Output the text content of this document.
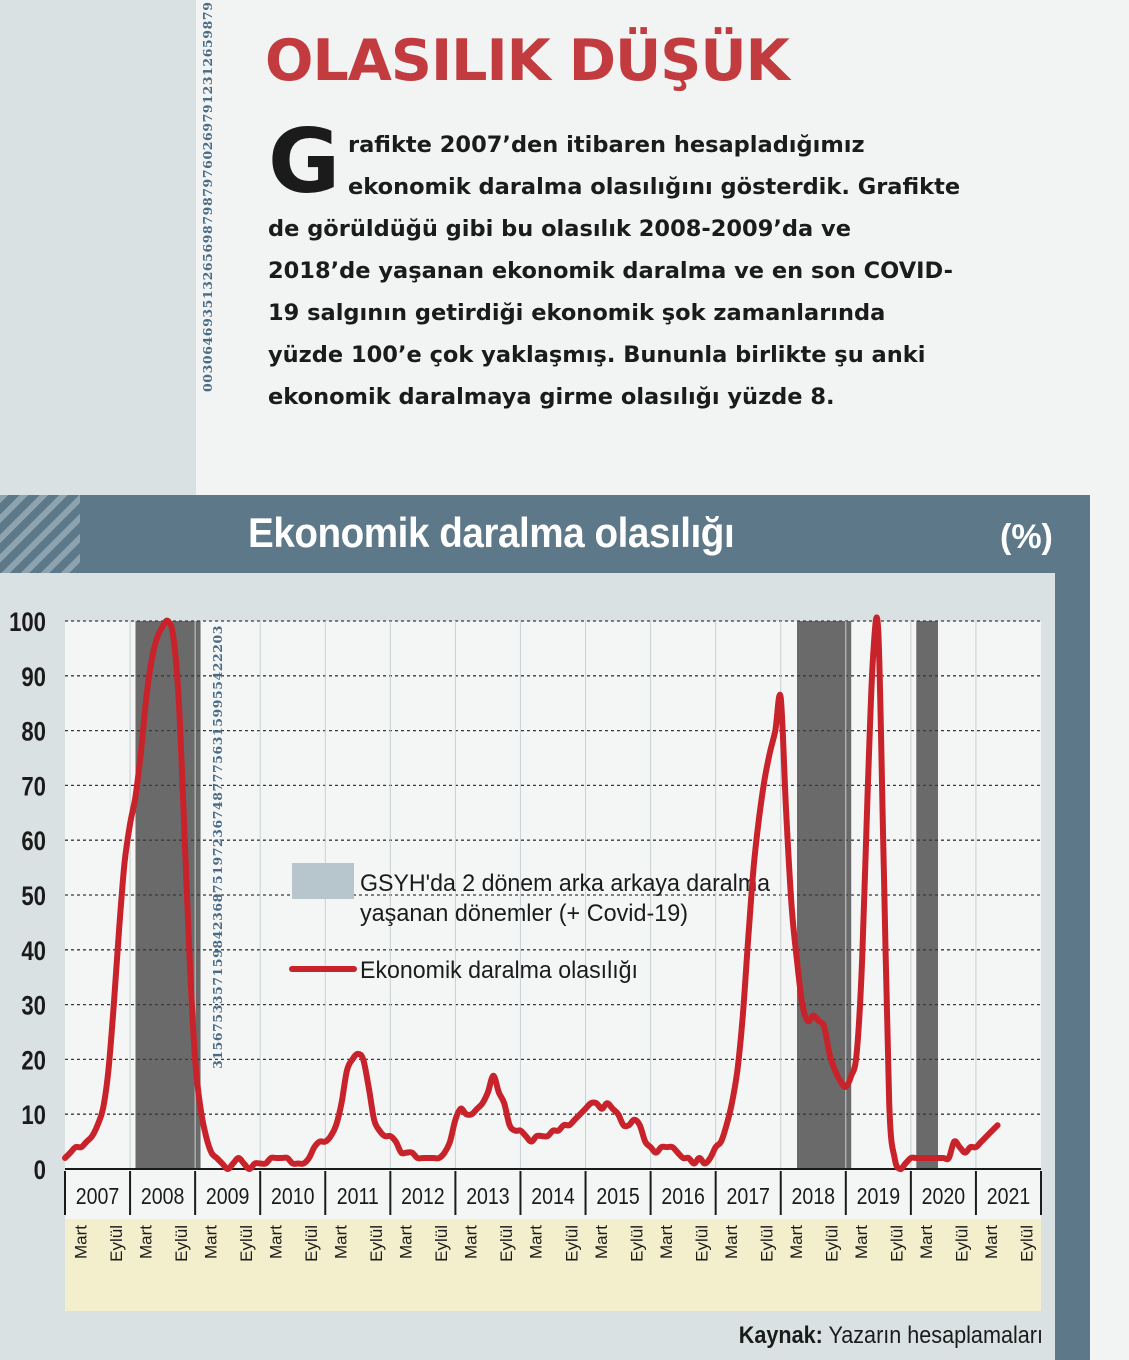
003064693513265698798797602697912312659879 OLASILIK DÜŞÜK
G rafikte 2007’den itibaren hesapladığımız
ekonomik daralma olasılığını gösterdik. Grafikte
de görüldüğü gibi bu olasılık 2008-2009’da ve
2018’de yaşanan ekonomik daralma ve en son COVID-
19 salgının getirdiği ekonomik şok zamanlarında
yüzde 100’e çok yaklaşmış. Bununla birlikte şu anki
ekonomik daralmaya girme olasılığı yüzde 8.

Ekonomik daralma olasılığı	(%)
0
10
20
30
40
50
60
70
80
90
100
2007
Mart Eylül
2008
Mart Eylül
2009
Mart Eylül
2010
Mart Eylül
2011
Mart Eylül
2012
Mart Eylül
2013
Mart Eylül
2014
Mart Eylül
2015
Mart Eylül
2016
Mart Eylül
2017
Mart Eylül
2018
Mart Eylül
2019
Mart Eylül
2020
Mart Eylül
2021
Mart Eylül
315675335715984236875197236748777563159955422203	GSYH'da 2 dönem arka arkaya daralma
yaşanan dönemler (+ Covid-19)
Ekonomik daralma olasılığı
Kaynak: Yazarın hesaplamaları
